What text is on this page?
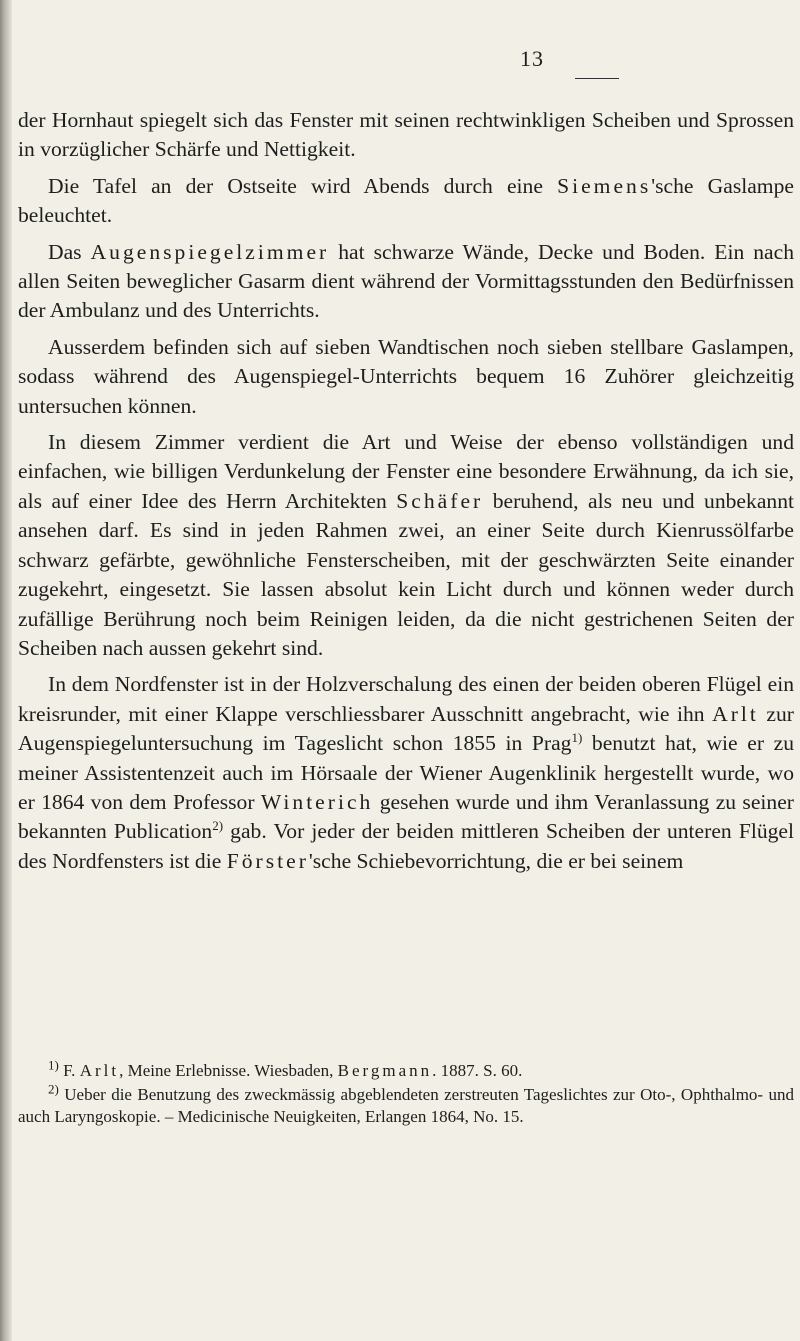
13

der Hornhaut spiegelt sich das Fenster mit seinen rechtwinkligen Scheiben und Sprossen in vorzüglicher Schärfe und Nettigkeit.

Die Tafel an der Ostseite wird Abends durch eine Siemens'sche Gaslampe beleuchtet.

Das Augenspiegelzimmer hat schwarze Wände, Decke und Boden. Ein nach allen Seiten beweglicher Gasarm dient während der Vormittagsstunden den Bedürfnissen der Ambulanz und des Unterrichts.

Ausserdem befinden sich auf sieben Wandtischen noch sieben stellbare Gaslampen, sodass während des Augenspiegel-Unterrichts bequem 16 Zuhörer gleichzeitig untersuchen können.

In diesem Zimmer verdient die Art und Weise der ebenso vollständigen und einfachen, wie billigen Verdunkelung der Fenster eine besondere Erwähnung, da ich sie, als auf einer Idee des Herrn Architekten Schäfer beruhend, als neu und unbekannt ansehen darf. Es sind in jeden Rahmen zwei, an einer Seite durch Kienrussölfarbe schwarz gefärbte, gewöhnliche Fensterscheiben, mit der geschwärzten Seite einander zugekehrt, eingesetzt. Sie lassen absolut kein Licht durch und können weder durch zufällige Berührung noch beim Reinigen leiden, da die nicht gestrichenen Seiten der Scheiben nach aussen gekehrt sind.

In dem Nordfenster ist in der Holzverschalung des einen der beiden oberen Flügel ein kreisrunder, mit einer Klappe verschliessbarer Ausschnitt angebracht, wie ihn Arlt zur Augenspiegeluntersuchung im Tageslicht schon 1855 in Prag$^{1)}$ benutzt hat, wie er zu meiner Assistentenzeit auch im Hörsaale der Wiener Augenklinik hergestellt wurde, wo er 1864 von dem Professor Winterich gesehen wurde und ihm Veranlassung zu seiner bekannten Publication$^{2)}$ gab. Vor jeder der beiden mittleren Scheiben der unteren Flügel des Nordfensters ist die Förster'sche Schiebevorrichtung, die er bei seinem

$^{1)}$ F. Arlt, Meine Erlebnisse. Wiesbaden, Bergmann. 1887. S. 60.

$^{2)}$ Ueber die Benutzung des zweckmässig abgeblendeten zerstreuten Tageslichtes zur Oto-, Ophthalmo- und auch Laryngoskopie. – Medicinische Neuigkeiten, Erlangen 1864, No. 15.
